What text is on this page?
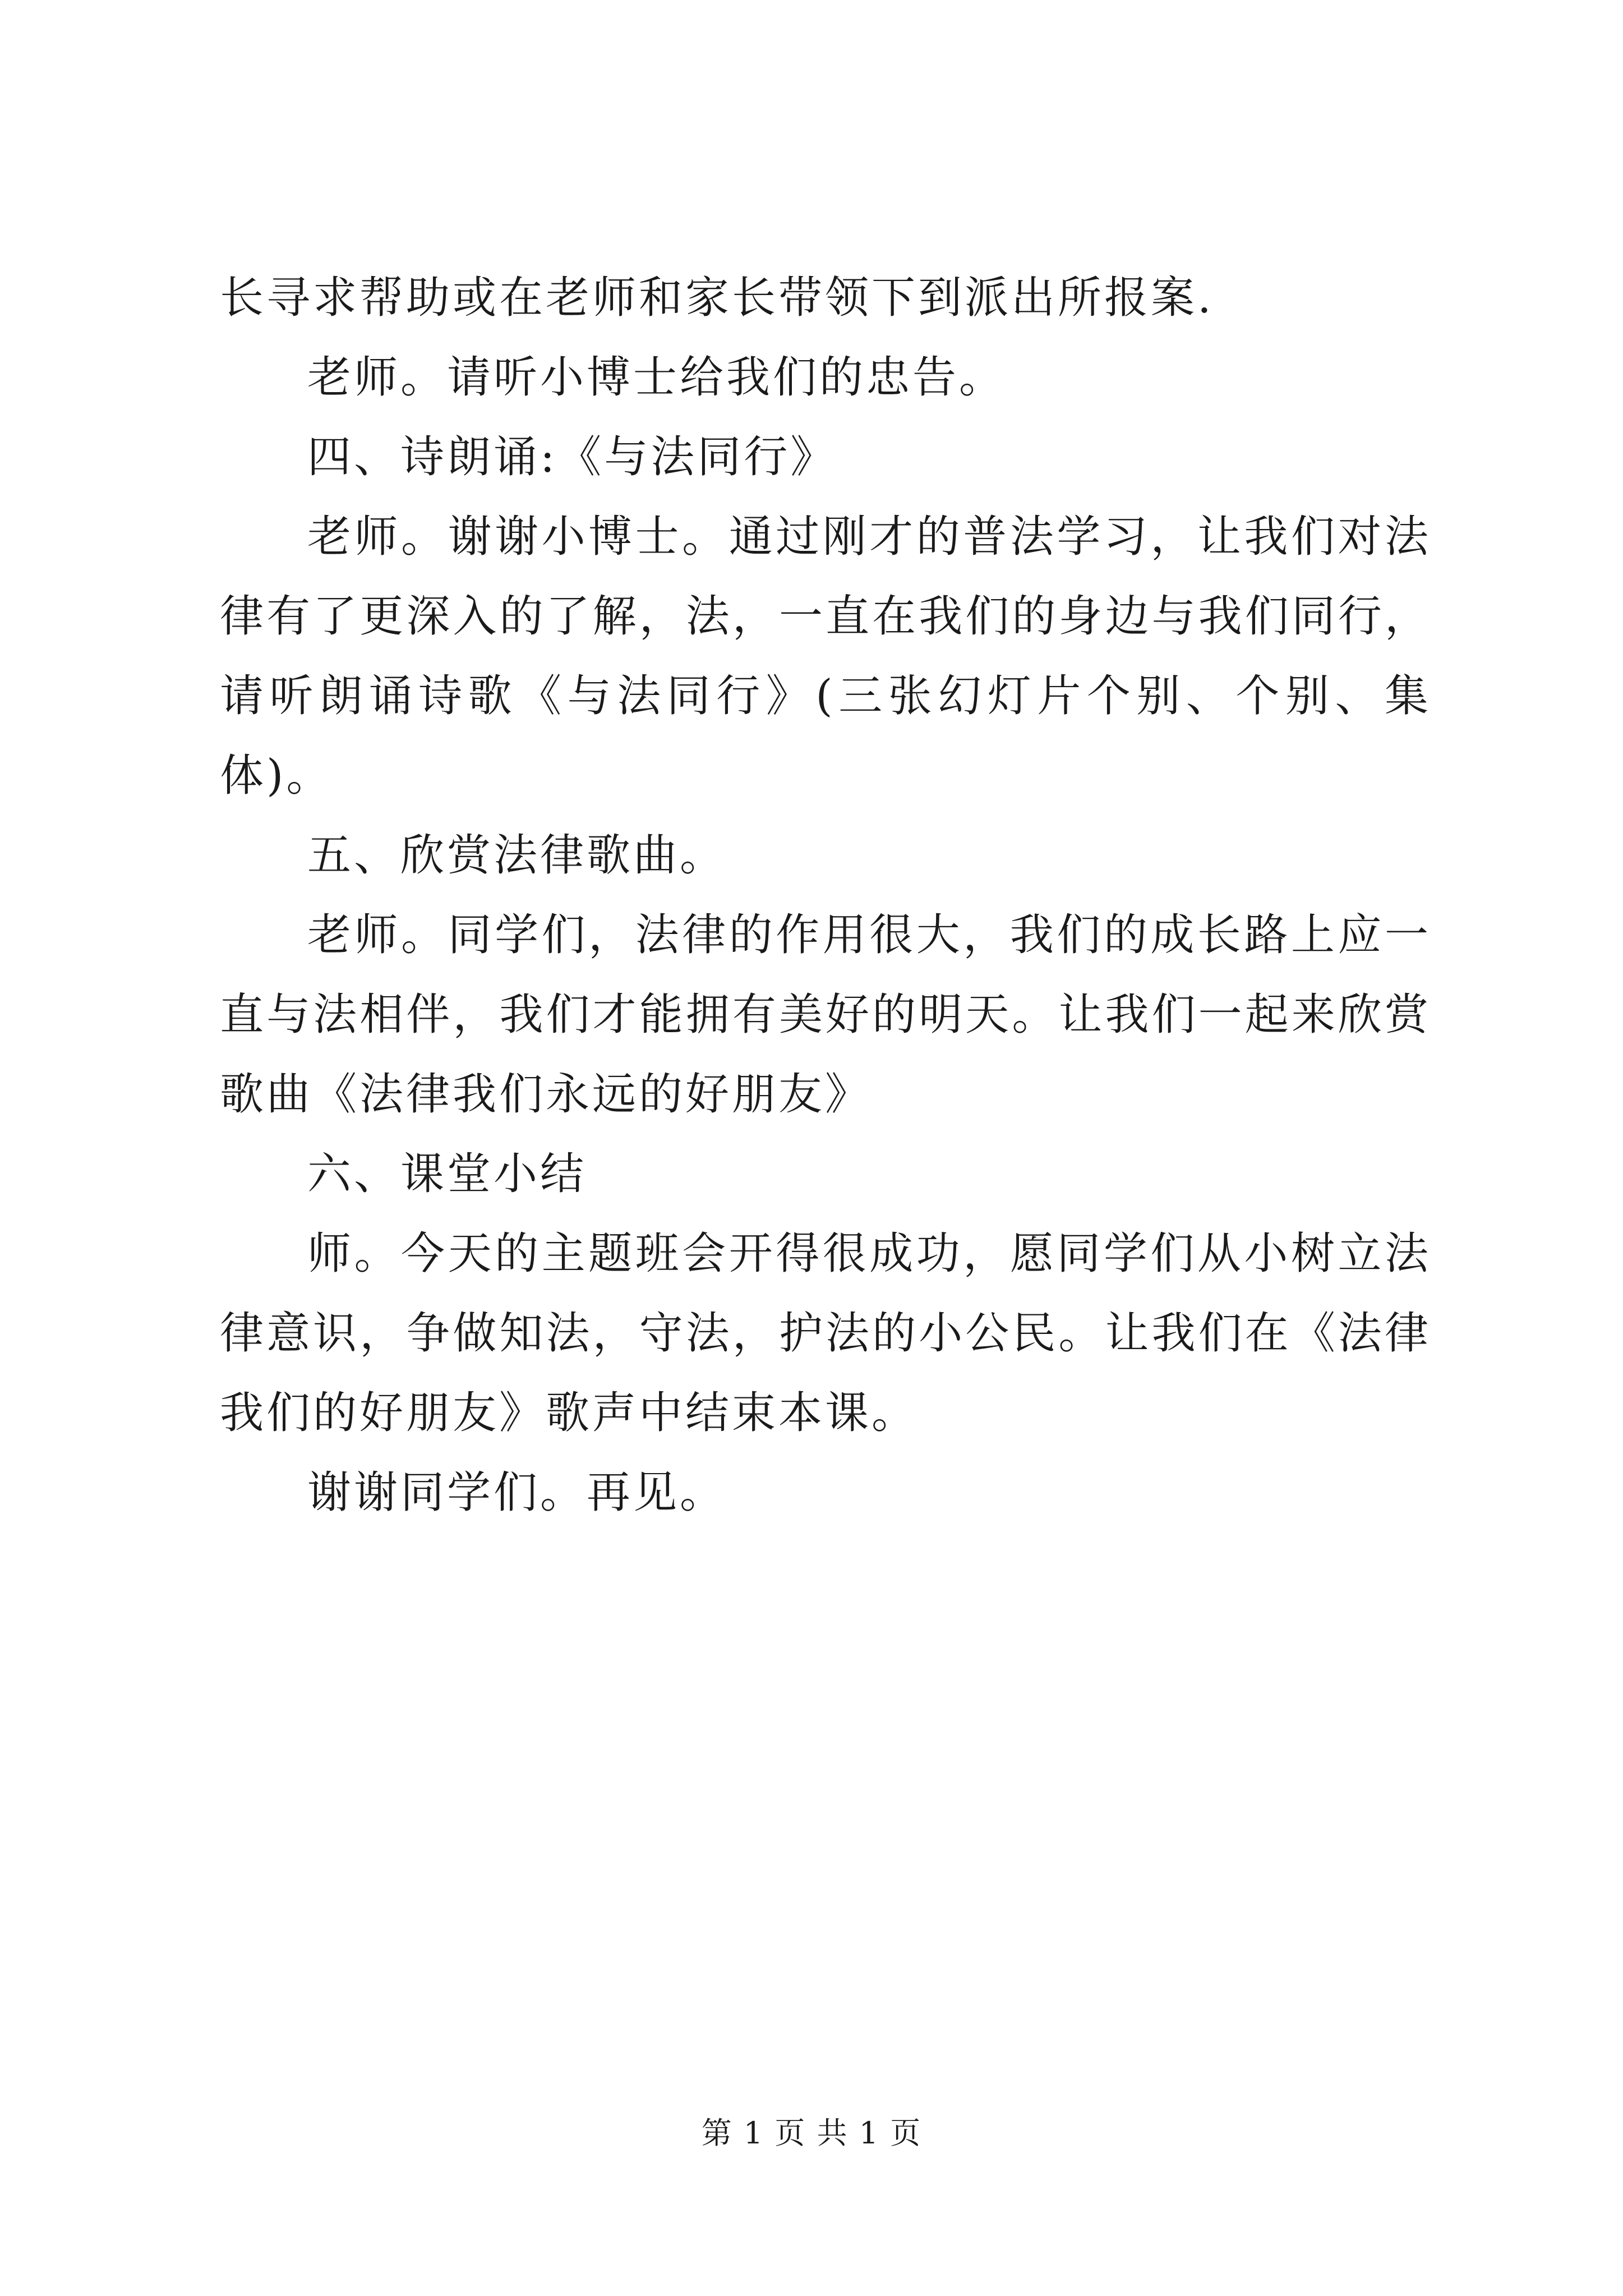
长寻求帮助或在老师和家长带领下到派出所报案.

老师。请听小博士给我们的忠告。

四、诗朗诵:《与法同行》

老师。谢谢小博士。通过刚才的普法学习，让我们对法律有了更深入的了解，法，一直在我们的身边与我们同行，请听朗诵诗歌《与法同行》(三张幻灯片个别、个别、集体)。

五、欣赏法律歌曲。

老师。同学们，法律的作用很大，我们的成长路上应一直与法相伴，我们才能拥有美好的明天。让我们一起来欣赏歌曲《法律我们永远的好朋友》

六、课堂小结

师。今天的主题班会开得很成功，愿同学们从小树立法律意识，争做知法，守法，护法的小公民。让我们在《法律我们的好朋友》歌声中结束本课。

谢谢同学们。再见。

第 1 页 共 1 页
